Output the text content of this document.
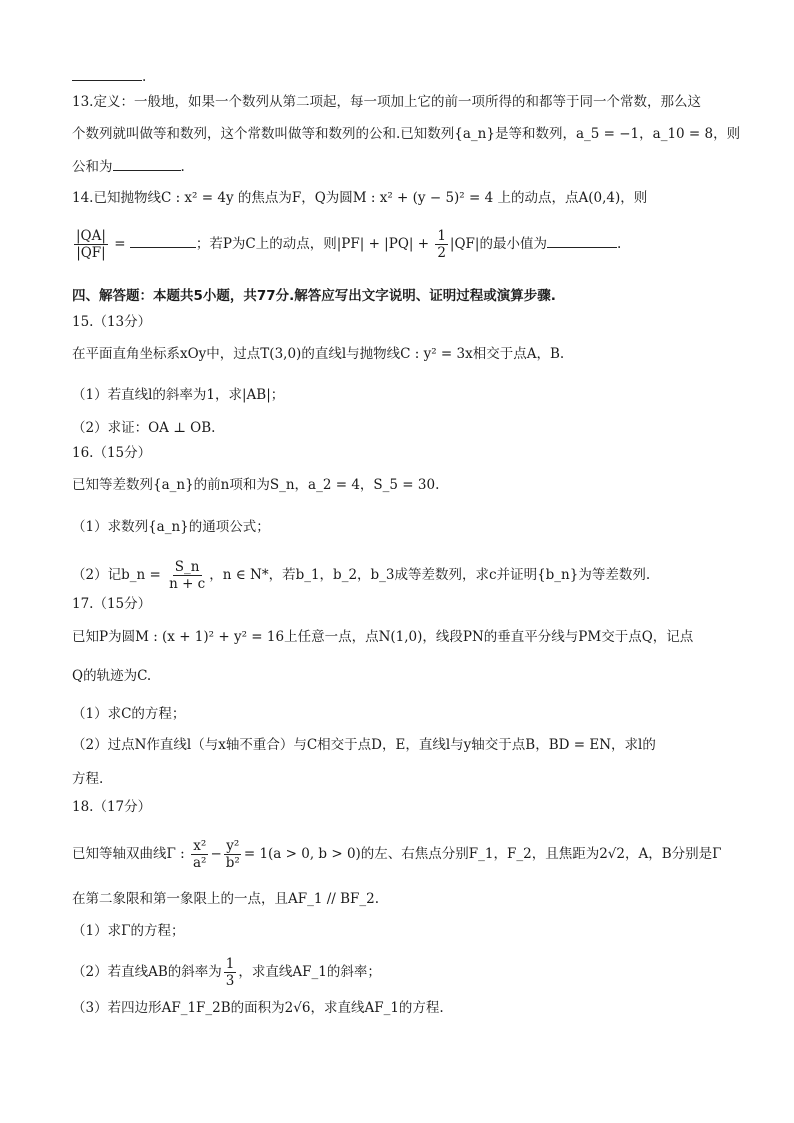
.
13.定义：一般地，如果一个数列从第二项起，每一项加上它的前一项所得的和都等于同一个常数，那么这
个数列就叫做等和数列，这个常数叫做等和数列的公和.已知数列{a_n}是等和数列，a_5 = −1，a_10 = 8，则
公和为	.
14.已知抛物线C : x² = 4y 的焦点为F，Q为圆M : x² + (y − 5)² = 4 上的动点，点A(0,4)，则
$\frac{|QA|}{|QF|}$ =	；若P为C上的动点，则$|PF| + |PQ| + \frac{1}{2} |QF|$的最小值为	.
四、解答题：本题共5小题，共77分.解答应写出文字说明、证明过程或演算步骤.
15.（13分）
在平面直角坐标系xOy中，过点T(3,0)的直线l与抛物线C : y² = 3x相交于点A，B.
（1）若直线l的斜率为1，求|AB|；
（2）求证：OA ⊥ OB.
16.（15分）
已知等差数列{a_n}的前n项和为S_n，a_2 = 4，S_5 = 30.
（1）求数列{a_n}的通项公式；
（2）记b_n = $\frac{S\_n}{n + c}$ ，n ∈ N*，若b_1，b_2，b_3成等差数列，求c并证明{b_n}为等差数列.
17.（15分）
已知P为圆M : (x + 1)² + y² = 16上任意一点，点N(1,0)，线段PN的垂直平分线与PM交于点Q，记点
Q的轨迹为C.
（1）求C的方程；
（2）过点N作直线l（与x轴不重合）与C相交于点D，E，直线l与y轴交于点B，BD = EN，求l的
方程.
18.（17分）
已知等轴双曲线Γ : $\frac{\text{x²}}{\text{a²}} - \frac{\text{y²}}{\text{b²}} = 1(a > 0$, b > 0)的左、右焦点分别F_1，F_2，且焦距为2√2，A，B分别是Γ
在第二象限和第一象限上的一点，且AF_1 // BF_2.
（1）求Γ的方程；
（2）若直线AB的斜率为 $\frac{1}{3}$ ，求直线AF_1的斜率；
（3）若四边形AF_1F_2B的面积为2√6，求直线AF_1的方程.
